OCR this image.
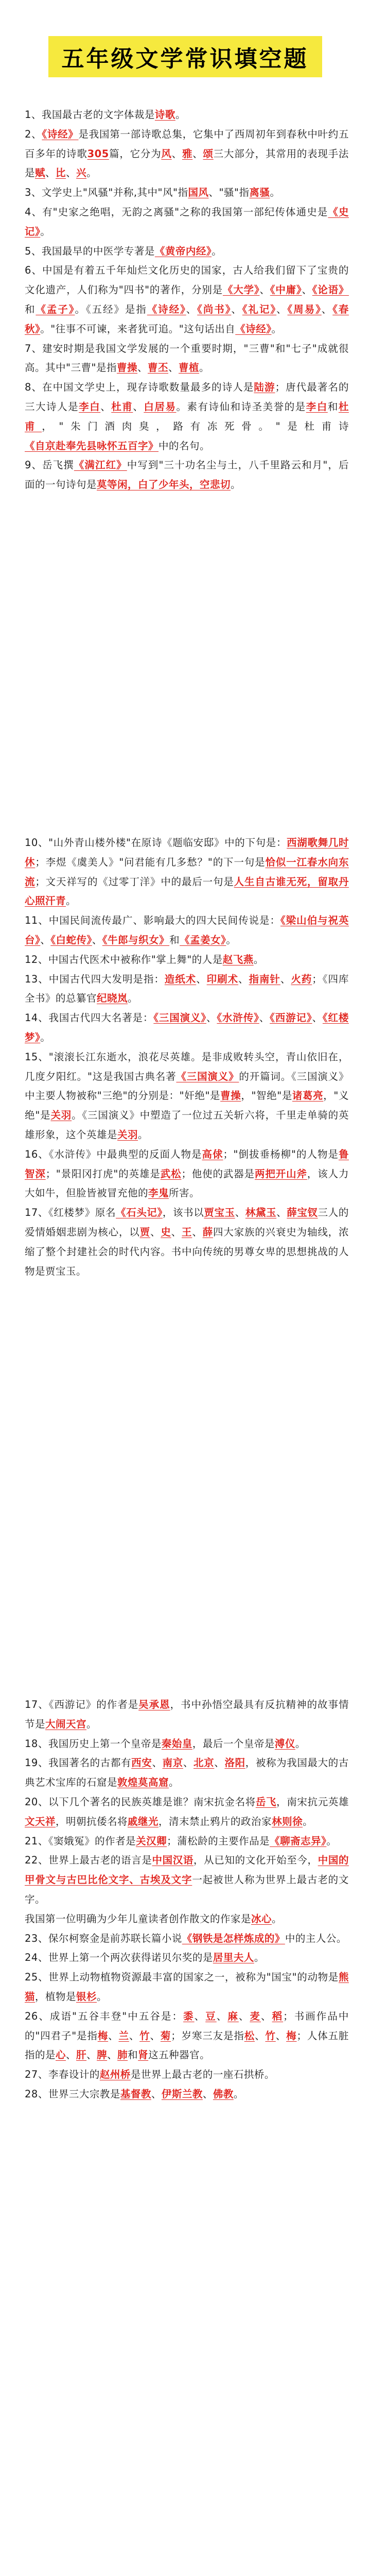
五年级文学常识填空题
1、我国最古老的文字体裁是诗歌。
2、《诗经》是我国第一部诗歌总集，它集中了西周初年到春秋中叶约五百多年的诗歌305篇，它分为风、雅、颂三大部分，其常用的表现手法是赋、比、兴。
3、文学史上"风骚"并称,其中"风"指国风、"骚"指离骚。
4、有"史家之绝唱，无韵之离骚"之称的我国第一部纪传体通史是《史记》。
5、我国最早的中医学专著是《黄帝内经》。
6、中国是有着五千年灿烂文化历史的国家，古人给我们留下了宝贵的文化遗产，人们称为"四书"的著作，分别是《大学》、《中庸》、《论语》和《孟子》。《五经》是指《诗经》、《尚书》、《礼记》、《周易》、《春秋》。"往事不可谏，来者犹可追。"这句话出自《诗经》。
7、建安时期是我国文学发展的一个重要时期，"三曹"和"七子"成就很高。其中"三曹"是指曹操、曹丕、曹植。
8、在中国文学史上，现存诗歌数量最多的诗人是陆游；唐代最著名的三大诗人是李白、杜甫、白居易。素有诗仙和诗圣美誉的是李白和杜甫，"朱门酒肉臭，路有冻死骨。"是杜甫诗《自京赴奉先县咏怀五百字》中的名句。
9、岳飞撰《满江红》中写到"三十功名尘与土，八千里路云和月"，后面的一句诗句是莫等闲，白了少年头，空悲切。
10、"山外青山楼外楼"在原诗《题临安邸》中的下句是：西湖歌舞几时休；李煜《虞美人》"问君能有几多愁？"的下一句是恰似一江春水向东流；文天祥写的《过零丁洋》中的最后一句是人生自古谁无死，留取丹心照汗青。
11、中国民间流传最广、影响最大的四大民间传说是：《梁山伯与祝英台》、《白蛇传》、《牛郎与织女》和《孟姜女》。
12、中国古代医术中被称作"掌上舞"的人是赵飞燕。
13、中国古代四大发明是指：造纸术、印刷术、指南针、火药；《四库全书》的总纂官纪晓岚。
14、我国古代四大名著是：《三国演义》、《水浒传》、《西游记》、《红楼梦》。
15、"滚滚长江东逝水，浪花尽英雄。是非成败转头空，青山依旧在，几度夕阳红。"这是我国古典名著《三国演义》的开篇词。《三国演义》中主要人物被称"三绝"的分别是："奸绝"是曹操，"智绝"是诸葛亮，"义绝"是关羽。《三国演义》中塑造了一位过五关斩六将，千里走单骑的英雄形象，这个英雄是关羽。
16、《水浒传》中最典型的反面人物是高俅；"倒拔垂杨柳"的人物是鲁智深；"景阳冈打虎"的英雄是武松；他使的武器是两把开山斧，该人力大如牛，但脸皆被冒充他的李鬼所害。
17、《红楼梦》原名《石头记》，该书以贾宝玉、林黛玉、薛宝钗三人的爱情婚姻悲剧为核心，以贾、史、王、薛四大家族的兴衰史为轴线，浓缩了整个封建社会的时代内容。书中向传统的男尊女卑的思想挑战的人物是贾宝玉。
17、《西游记》的作者是吴承恩，书中孙悟空最具有反抗精神的故事情节是大闹天宫。
18、我国历史上第一个皇帝是秦始皇，最后一个皇帝是溥仪。
19、我国著名的古都有西安、南京、北京、洛阳，被称为我国最大的古典艺术宝库的石窟是敦煌莫高窟。
20、以下几个著名的民族英雄是谁？南宋抗金名将岳飞，南宋抗元英雄文天祥，明朝抗倭名将戚继光，清末禁止鸦片的政治家林则徐。
21、《窦娥冤》的作者是关汉卿；蒲松龄的主要作品是《聊斋志异》。
22、世界上最古老的语言是中国汉语，从已知的文化开始至今，中国的甲骨文与古巴比伦文字、古埃及文字一起被世人称为世界上最古老的文字。
我国第一位明确为少年儿童读者创作散文的作家是冰心。
23、保尔柯察金是前苏联长篇小说《钢铁是怎样炼成的》中的主人公。
24、世界上第一个两次获得诺贝尔奖的是居里夫人。
25、世界上动物植物资源最丰富的国家之一，被称为"国宝"的动物是熊猫，植物是银杉。
26、成语"五谷丰登"中五谷是：黍、豆、麻、麦、稻；书画作品中的"四君子"是指梅、兰、竹、菊；岁寒三友是指松、竹、梅；人体五脏指的是心、肝、脾、肺和肾这五种器官。
27、李春设计的赵州桥是世界上最古老的一座石拱桥。
28、世界三大宗教是基督教、伊斯兰教、佛教。
